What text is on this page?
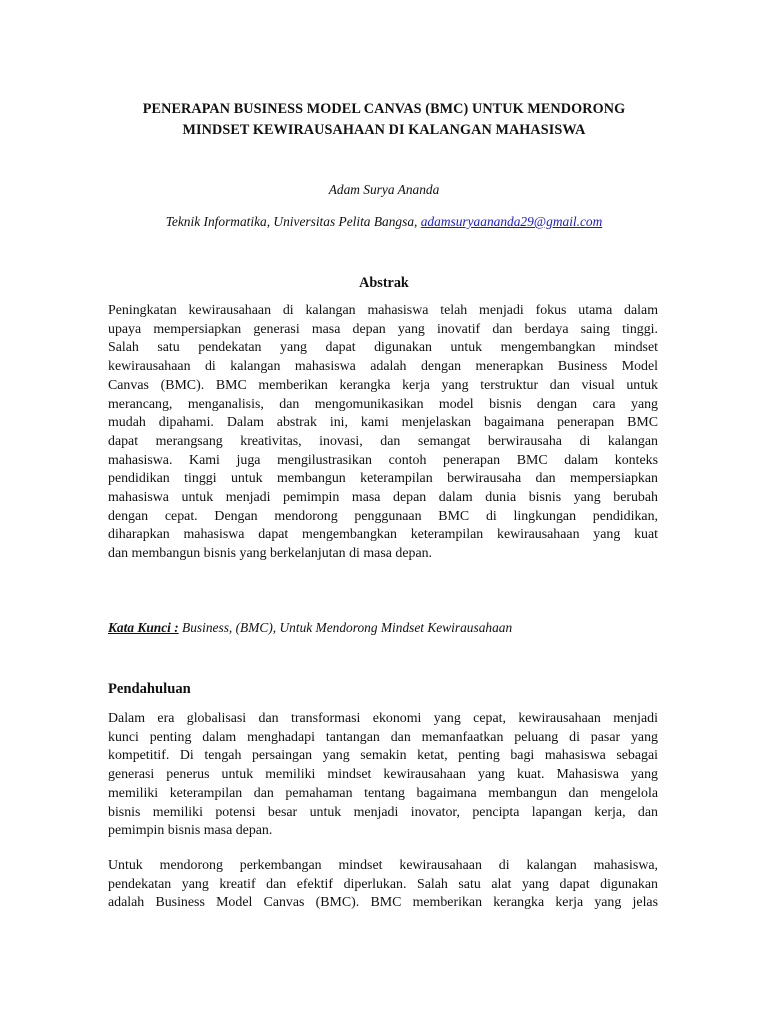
PENERAPAN BUSINESS MODEL CANVAS (BMC) UNTUK MENDORONG
MINDSET KEWIRAUSAHAAN DI KALANGAN MAHASISWA
Adam Surya Ananda
Teknik Informatika, Universitas Pelita Bangsa, adamsuryaananda29@gmail.com
Abstrak
Peningkatan kewirausahaan di kalangan mahasiswa telah menjadi fokus utama dalam
upaya mempersiapkan generasi masa depan yang inovatif dan berdaya saing tinggi.
Salah satu pendekatan yang dapat digunakan untuk mengembangkan mindset
kewirausahaan di kalangan mahasiswa adalah dengan menerapkan Business Model
Canvas (BMC). BMC memberikan kerangka kerja yang terstruktur dan visual untuk
merancang, menganalisis, dan mengomunikasikan model bisnis dengan cara yang
mudah dipahami. Dalam abstrak ini, kami menjelaskan bagaimana penerapan BMC
dapat merangsang kreativitas, inovasi, dan semangat berwirausaha di kalangan
mahasiswa. Kami juga mengilustrasikan contoh penerapan BMC dalam konteks
pendidikan tinggi untuk membangun keterampilan berwirausaha dan mempersiapkan
mahasiswa untuk menjadi pemimpin masa depan dalam dunia bisnis yang berubah
dengan cepat. Dengan mendorong penggunaan BMC di lingkungan pendidikan,
diharapkan mahasiswa dapat mengembangkan keterampilan kewirausahaan yang kuat
dan membangun bisnis yang berkelanjutan di masa depan.
Kata Kunci : Business, (BMC), Untuk Mendorong Mindset Kewirausahaan
Pendahuluan
Dalam era globalisasi dan transformasi ekonomi yang cepat, kewirausahaan menjadi
kunci penting dalam menghadapi tantangan dan memanfaatkan peluang di pasar yang
kompetitif. Di tengah persaingan yang semakin ketat, penting bagi mahasiswa sebagai
generasi penerus untuk memiliki mindset kewirausahaan yang kuat. Mahasiswa yang
memiliki keterampilan dan pemahaman tentang bagaimana membangun dan mengelola
bisnis memiliki potensi besar untuk menjadi inovator, pencipta lapangan kerja, dan
pemimpin bisnis masa depan.
Untuk mendorong perkembangan mindset kewirausahaan di kalangan mahasiswa,
pendekatan yang kreatif dan efektif diperlukan. Salah satu alat yang dapat digunakan
adalah Business Model Canvas (BMC). BMC memberikan kerangka kerja yang jelas
